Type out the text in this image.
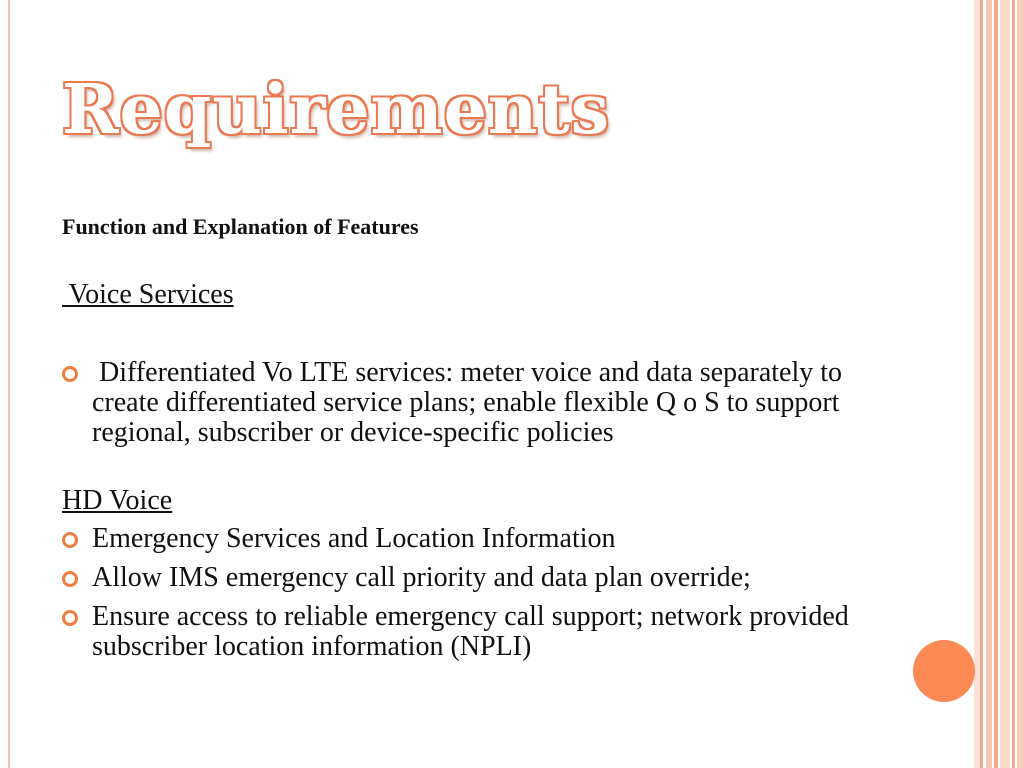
Requirements

Function and Explanation of Features

Voice Services

Differentiated Vo LTE services: meter voice and data separately to create differentiated service plans; enable flexible Q o S to support regional, subscriber or device-specific policies

HD Voice

Emergency Services and Location Information
Allow IMS emergency call priority and data plan override;
Ensure access to reliable emergency call support; network provided subscriber location information (NPLI)
